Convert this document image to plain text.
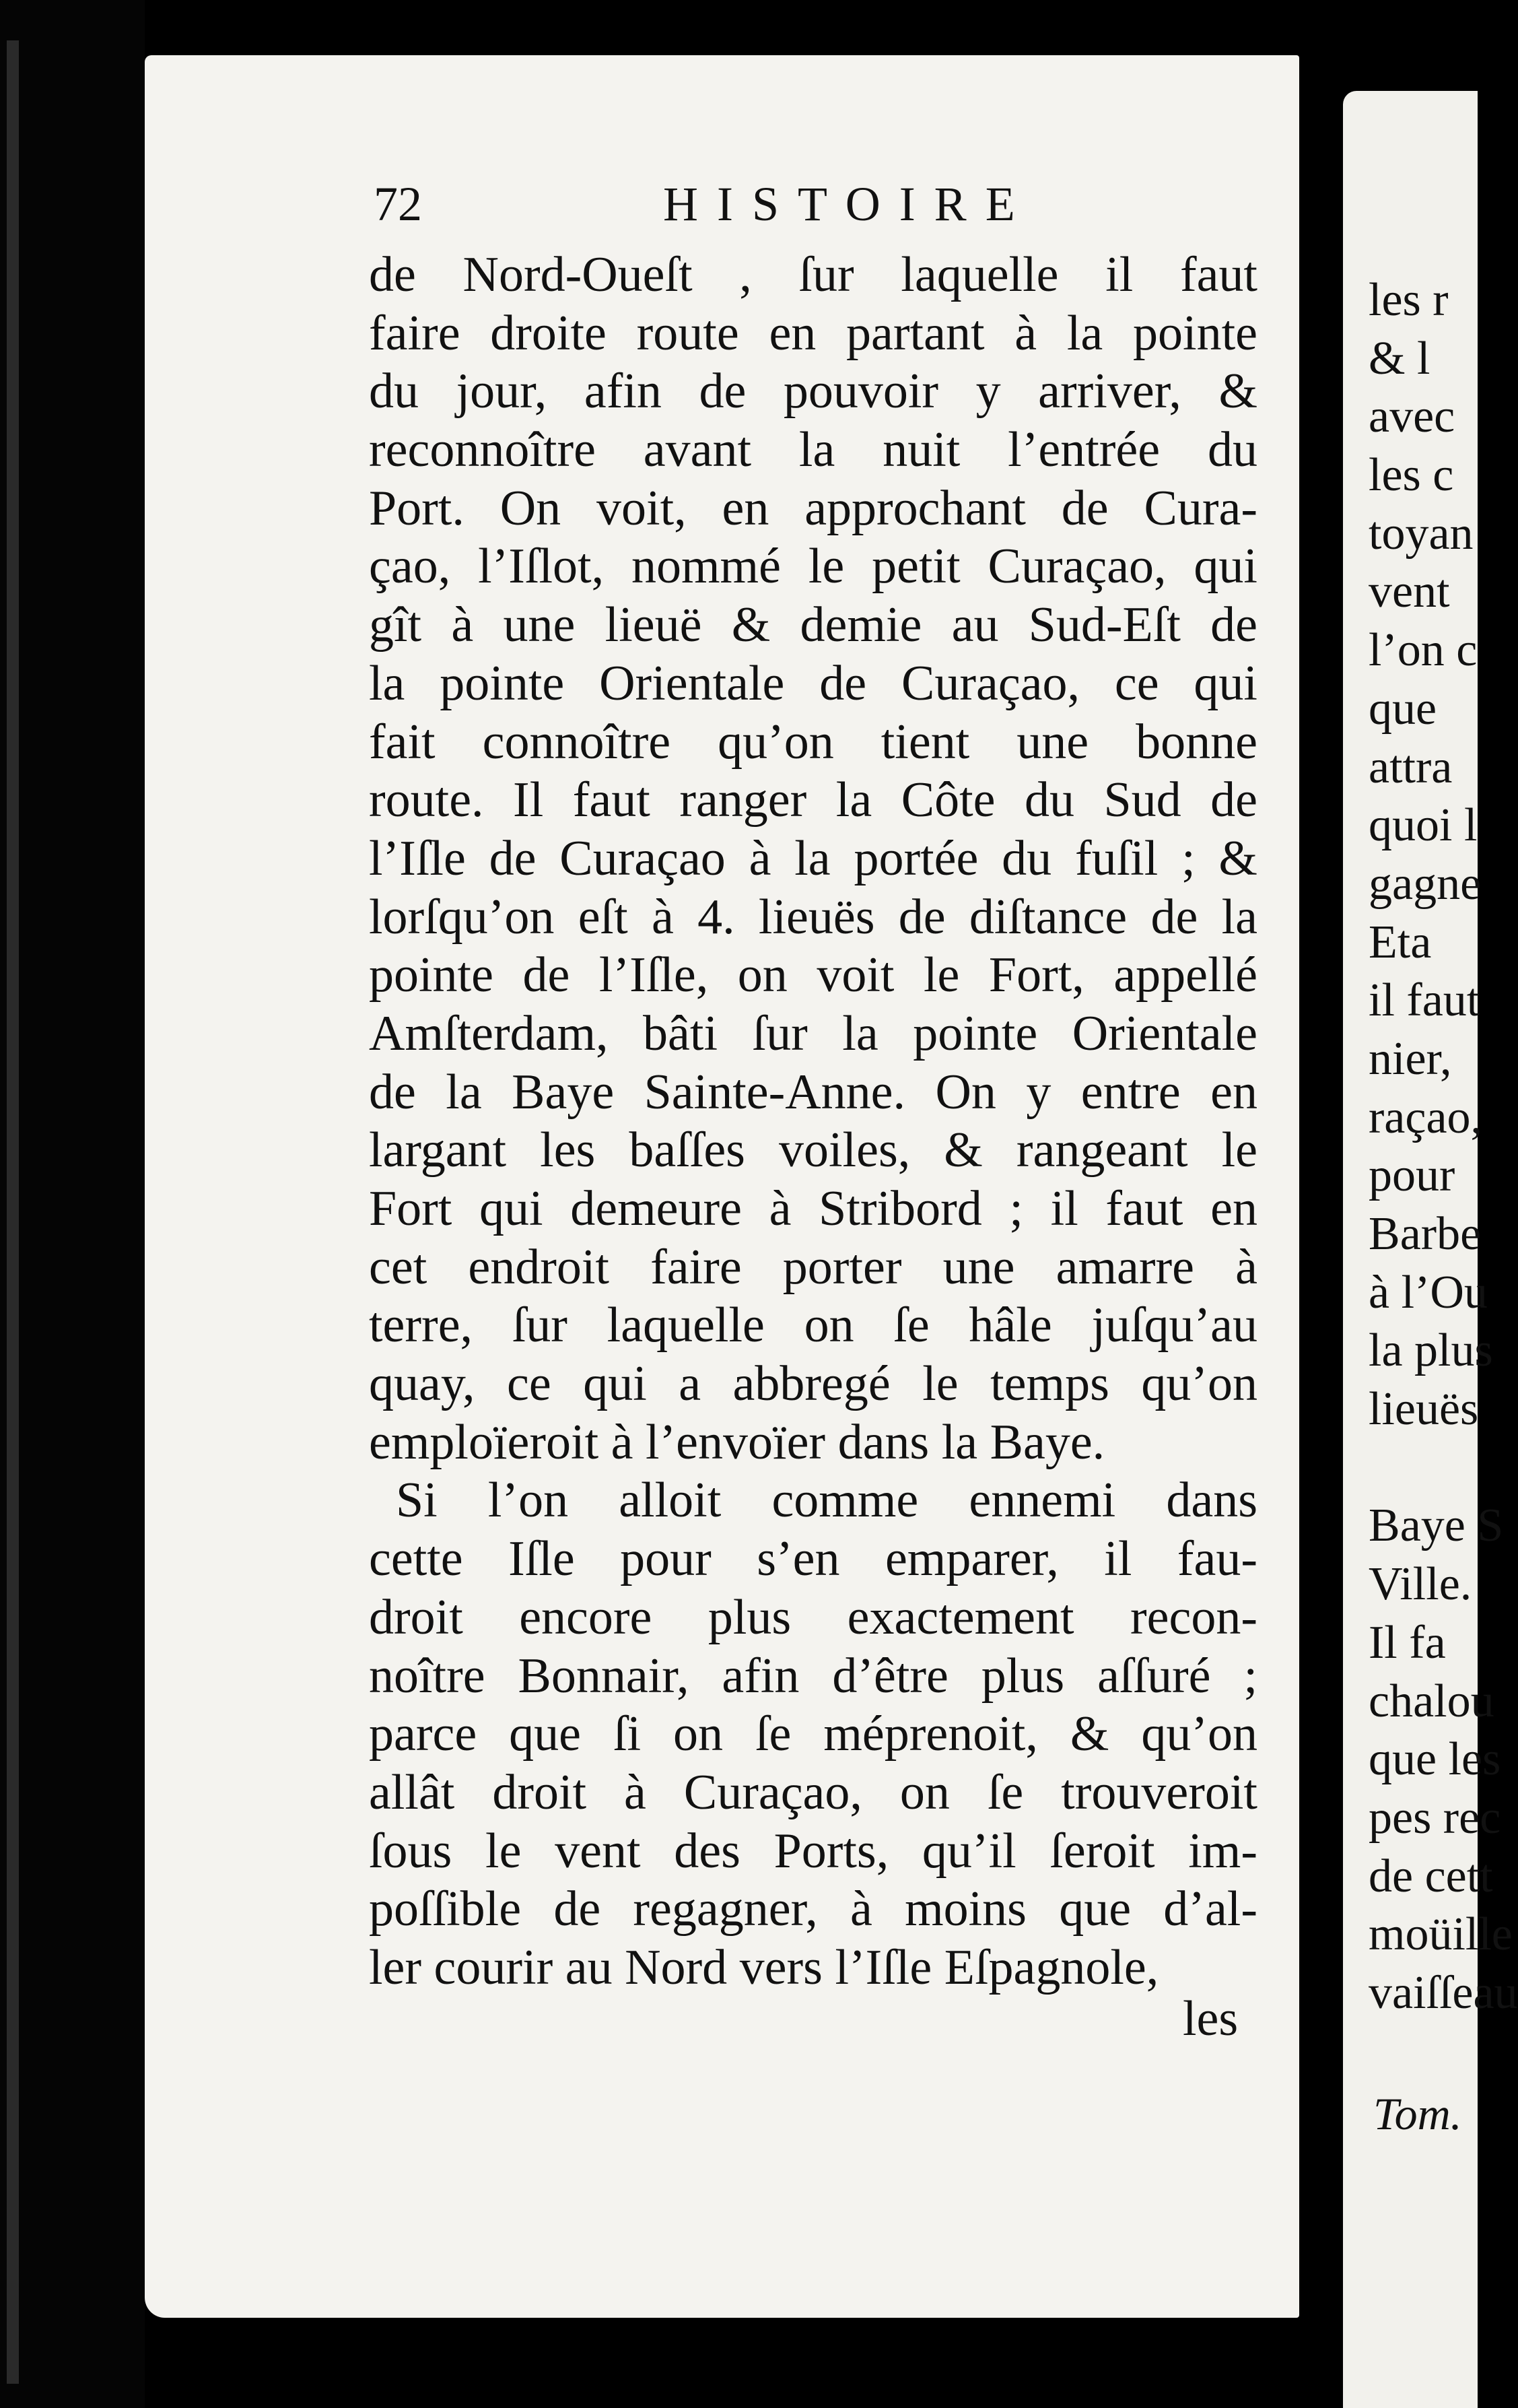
72	HISTOIRE
de Nord-Oueſt , ſur laquelle il faut
faire droite route en partant à la pointe
du jour, afin de pouvoir y arriver, &
reconnoître avant la nuit l’entrée du
Port. On voit, en approchant de Cura-
çao, l’Iſlot, nommé le petit Curaçao, qui
gît à une lieuë & demie au Sud-Eſt de
la pointe Orientale de Curaçao, ce qui
fait connoître qu’on tient une bonne
route. Il faut ranger la Côte du Sud de
l’Iſle de Curaçao à la portée du fuſil ; &
lorſqu’on eſt à 4. lieuës de diſtance de la
pointe de l’Iſle, on voit le Fort, appellé
Amſterdam, bâti ſur la pointe Orientale
de la Baye Sainte-Anne. On y entre en
largant les baſſes voiles, & rangeant le
Fort qui demeure à Stribord ; il faut en
cet endroit faire porter une amarre à
terre, ſur laquelle on ſe hâle juſqu’au
quay, ce qui a abbregé le temps qu’on
emploïeroit à l’envoïer dans la Baye.
Si l’on alloit comme ennemi dans
cette Iſle pour s’en emparer, il fau-
droit encore plus exactement recon-
noître Bonnair, afin d’être plus aſſuré ;
parce que ſi on ſe méprenoit, & qu’on
allât droit à Curaçao, on ſe trouveroit
ſous le vent des Ports, qu’il ſeroit im-
poſſible de regagner, à moins que d’al-
ler courir au Nord vers l’Iſle Eſpagnole,
les
les r
& l
avec
les c
toyan
vent
l’on c
que
attra
quoi l
gagne
Eta
il faut
nier,
raçao,
pour
Barbe
à l’Ou
la plus
lieuës
Baye S
Ville.
Il fa
chalou
que les
pes rec
de cett
moüille
vaiſſeau
Tom.
